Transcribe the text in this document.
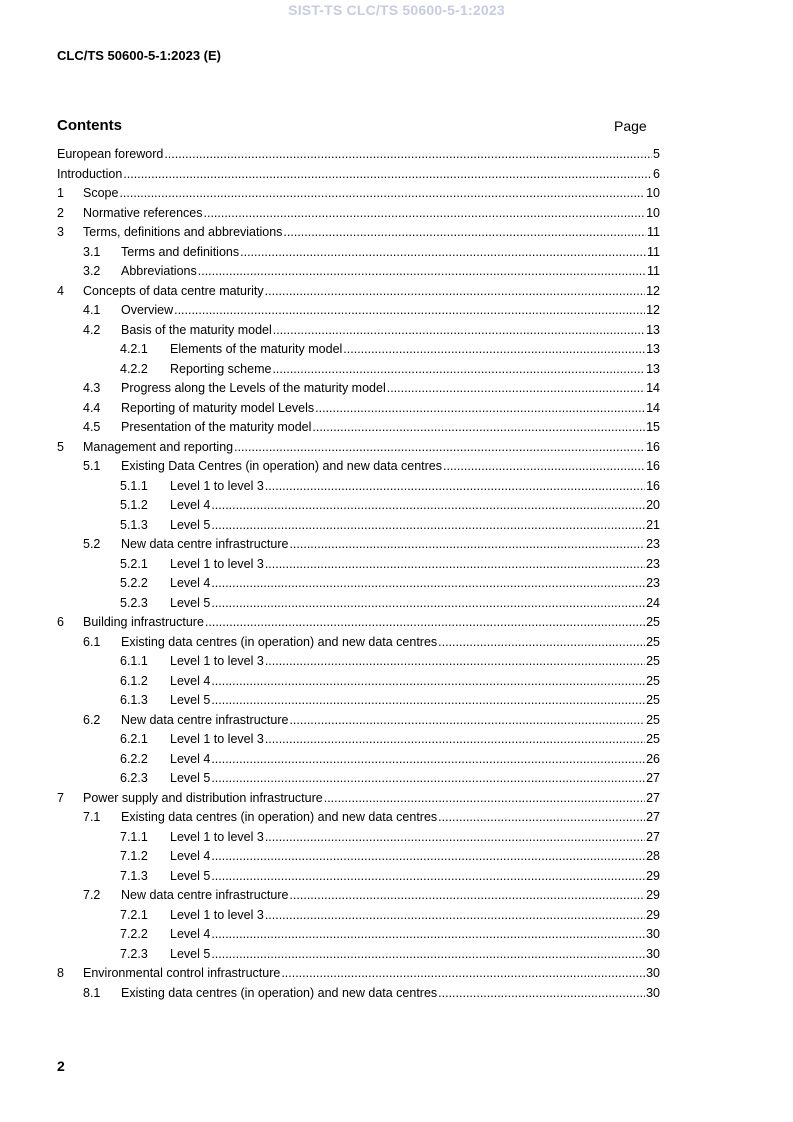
SIST-TS CLC/TS 50600-5-1:2023
CLC/TS 50600-5-1:2023 (E)
Contents	Page
European foreword .....	5
Introduction .....	6
1	Scope .....	10
2	Normative references .....	10
3	Terms, definitions and abbreviations .....	11
3.1	Terms and definitions .....	11
3.2	Abbreviations .....	11
4	Concepts of data centre maturity .....	12
4.1	Overview .....	12
4.2	Basis of the maturity model .....	13
4.2.1	Elements of the maturity model .....	13
4.2.2	Reporting scheme .....	13
4.3	Progress along the Levels of the maturity model .....	14
4.4	Reporting of maturity model Levels .....	14
4.5	Presentation of the maturity model .....	15
5	Management and reporting .....	16
5.1	Existing Data Centres (in operation) and new data centres .....	16
5.1.1	Level 1 to level 3 .....	16
5.1.2	Level 4 .....	20
5.1.3	Level 5 .....	21
5.2	New data centre infrastructure .....	23
5.2.1	Level 1 to level 3 .....	23
5.2.2	Level 4 .....	23
5.2.3	Level 5 .....	24
6	Building infrastructure .....	25
6.1	Existing data centres (in operation) and new data centres .....	25
6.1.1	Level 1 to level 3 .....	25
6.1.2	Level 4 .....	25
6.1.3	Level 5 .....	25
6.2	New data centre infrastructure .....	25
6.2.1	Level 1 to level 3 .....	25
6.2.2	Level 4 .....	26
6.2.3	Level 5 .....	27
7	Power supply and distribution infrastructure .....	27
7.1	Existing data centres (in operation) and new data centres .....	27
7.1.1	Level 1 to level 3 .....	27
7.1.2	Level 4 .....	28
7.1.3	Level 5 .....	29
7.2	New data centre infrastructure .....	29
7.2.1	Level 1 to level 3 .....	29
7.2.2	Level 4 .....	30
7.2.3	Level 5 .....	30
8	Environmental control infrastructure .....	30
8.1	Existing data centres (in operation) and new data centres .....	30
2
